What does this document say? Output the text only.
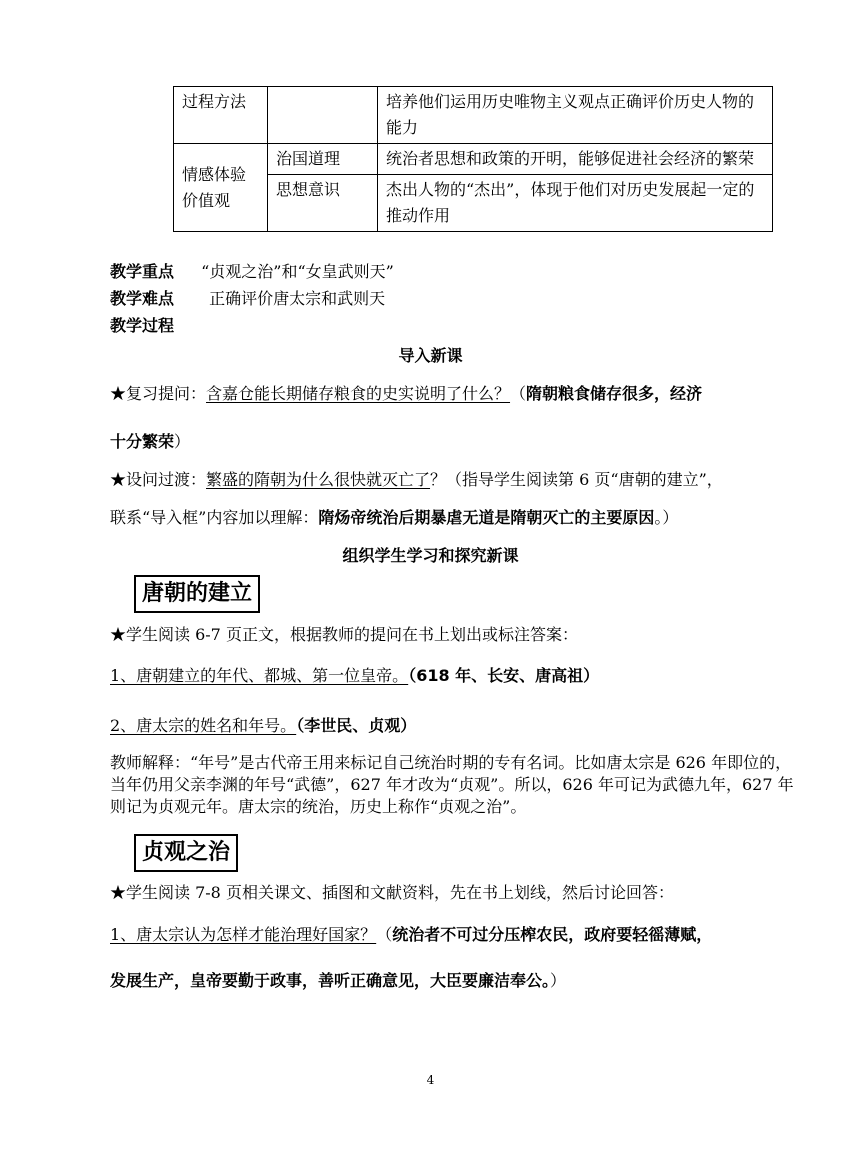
过程方法		培养他们运用历史唯物主义观点正确评价历史人物的能力
情感体验价值观	治国道理	统治者思想和政策的开明，能够促进社会经济的繁荣
	思想意识	杰出人物的“杰出”，体现于他们对历史发展起一定的推动作用
教学重点 “贞观之治”和“女皇武则天”
教学难点 正确评价唐太宗和武则天
教学过程
导入新课
★复习提问：含嘉仓能长期储存粮食的史实说明了什么？（隋朝粮食储存很多，经济
十分繁荣）
★设问过渡：繁盛的隋朝为什么很快就灭亡了？（指导学生阅读第 6 页“唐朝的建立”，
联系“导入框”内容加以理解：隋炀帝统治后期暴虐无道是隋朝灭亡的主要原因。）
组织学生学习和探究新课
唐朝的建立
★学生阅读 6-7 页正文，根据教师的提问在书上划出或标注答案：
1、唐朝建立的年代、都城、第一位皇帝。（618 年、长安、唐高祖）
2、唐太宗的姓名和年号。（李世民、贞观）
教师解释：“年号”是古代帝王用来标记自己统治时期的专有名词。比如唐太宗是 626 年即位的，当年仍用父亲李渊的年号“武德”，627 年才改为“贞观”。所以，626 年可记为武德九年，627 年则记为贞观元年。唐太宗的统治，历史上称作“贞观之治”。
贞观之治
★学生阅读 7-8 页相关课文、插图和文献资料，先在书上划线，然后讨论回答：
1、唐太宗认为怎样才能治理好国家？（统治者不可过分压榨农民，政府要轻徭薄赋，
发展生产，皇帝要勤于政事，善听正确意见，大臣要廉洁奉公。）
4
